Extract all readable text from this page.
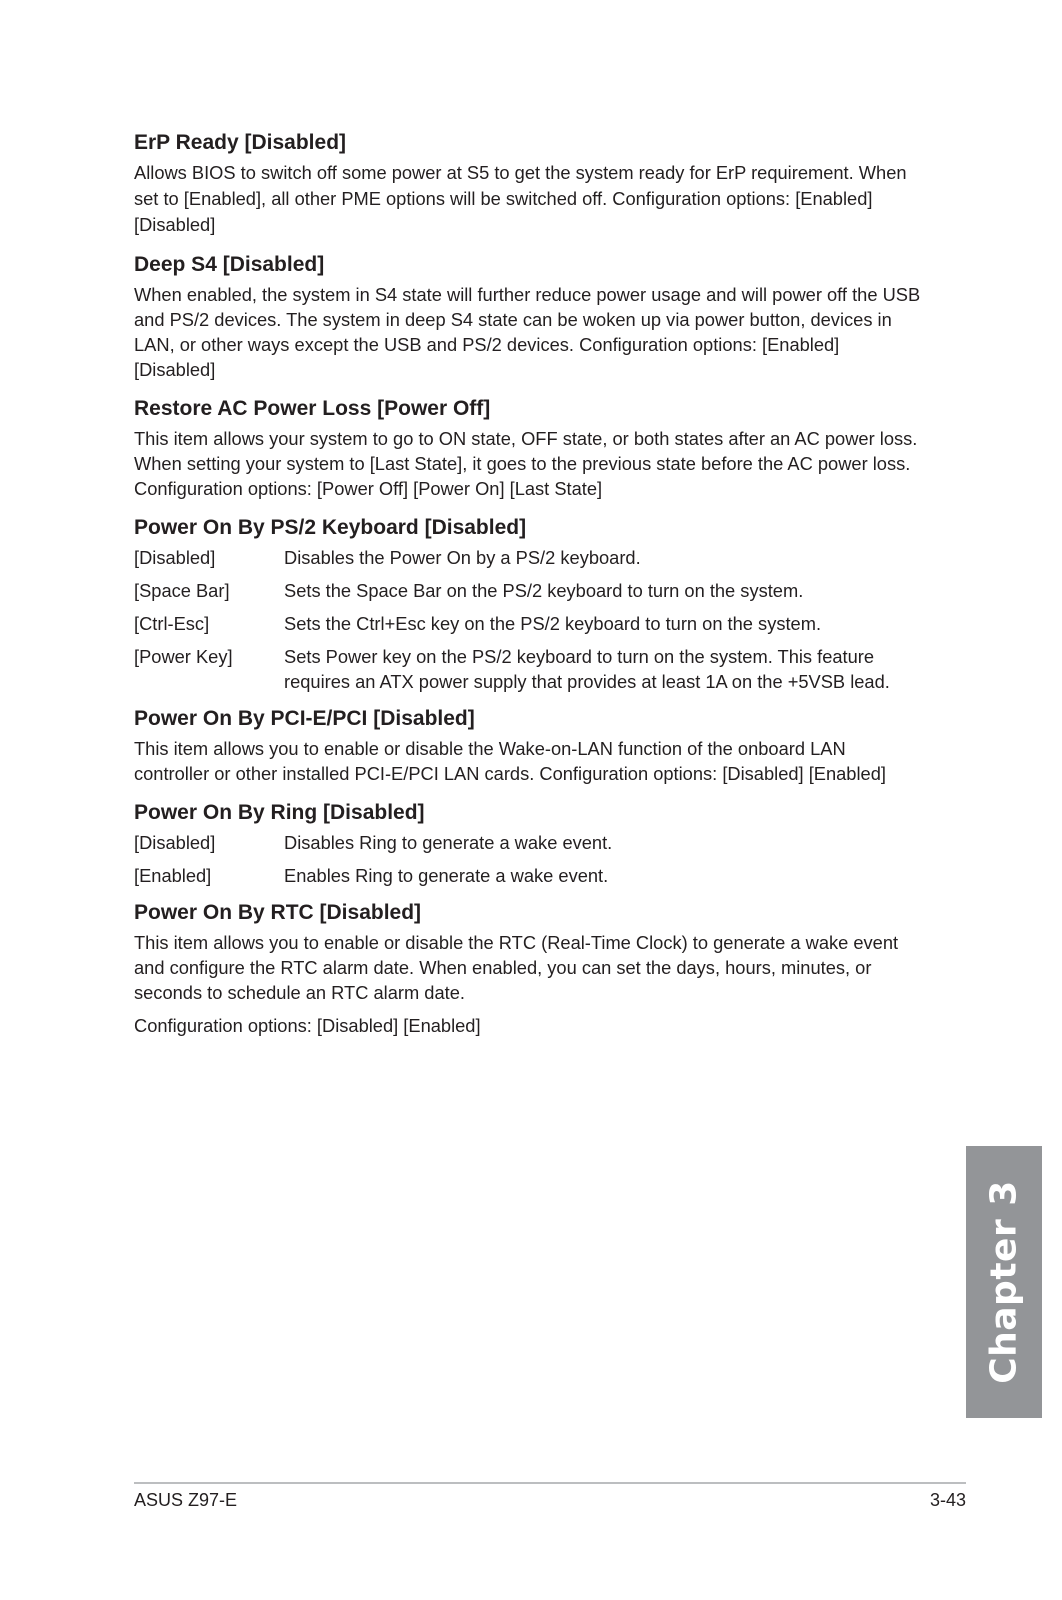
ErP Ready [Disabled]

Allows BIOS to switch off some power at S5 to get the system ready for ErP requirement. When set to [Enabled], all other PME options will be switched off. Configuration options: [Enabled] [Disabled]

Deep S4 [Disabled]

When enabled, the system in S4 state will further reduce power usage and will power off the USB and PS/2 devices. The system in deep S4 state can be woken up via power button, devices in LAN, or other ways except the USB and PS/2 devices. Configuration options: [Enabled] [Disabled]

Restore AC Power Loss [Power Off]

This item allows your system to go to ON state, OFF state, or both states after an AC power loss. When setting your system to [Last State], it goes to the previous state before the AC power loss. Configuration options: [Power Off] [Power On] [Last State]

Power On By PS/2 Keyboard [Disabled]
[Disabled]	Disables the Power On by a PS/2 keyboard.
[Space Bar]	Sets the Space Bar on the PS/2 keyboard to turn on the system.
[Ctrl-Esc]	Sets the Ctrl+Esc key on the PS/2 keyboard to turn on the system.
[Power Key]	Sets Power key on the PS/2 keyboard to turn on the system. This feature requires an ATX power supply that provides at least 1A on the +5VSB lead.
Power On By PCI-E/PCI [Disabled]

This item allows you to enable or disable the Wake-on-LAN function of the onboard LAN controller or other installed PCI-E/PCI LAN cards. Configuration options: [Disabled] [Enabled]

Power On By Ring [Disabled]
[Disabled]	Disables Ring to generate a wake event.
[Enabled]	Enables Ring to generate a wake event.
Power On By RTC [Disabled]

This item allows you to enable or disable the RTC (Real-Time Clock) to generate a wake event and configure the RTC alarm date. When enabled, you can set the days, hours, minutes, or seconds to schedule an RTC alarm date.

Configuration options: [Disabled] [Enabled]

Chapter 3
ASUS Z97-E	3-43
